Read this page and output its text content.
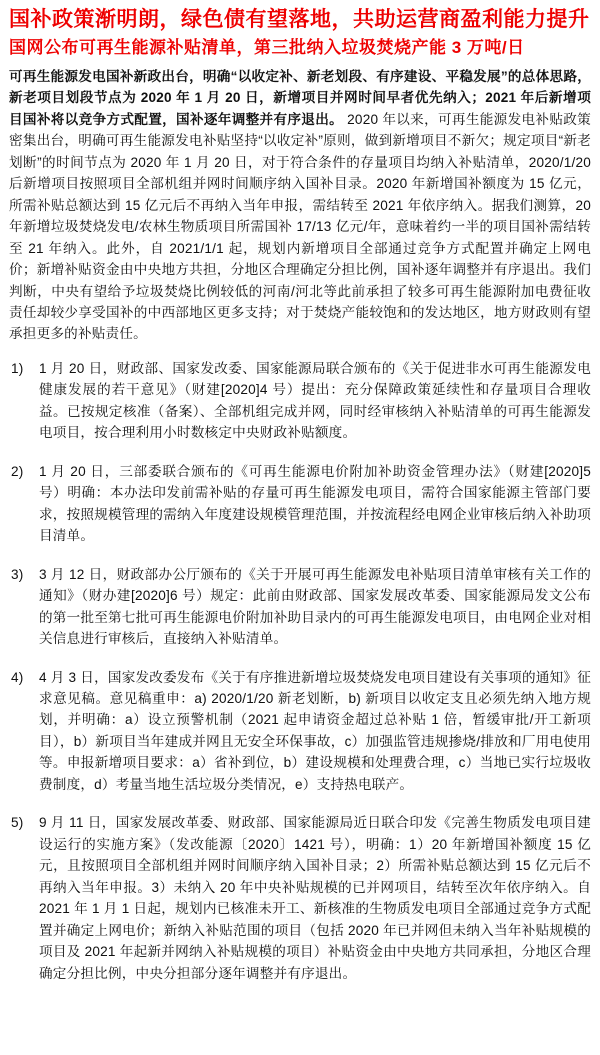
国补政策渐明朗，绿色债有望落地，共助运营商盈利能力提升
国网公布可再生能源补贴清单，第三批纳入垃圾焚烧产能 3 万吨/日

可再生能源发电国补新政出台，明确“以收定补、新老划段、有序建设、平稳发展”的总体思路，新老项目划段节点为 2020 年 1 月 20 日，新增项目并网时间早者优先纳入；2021 年后新增项目国补将以竞争方式配置，国补逐年调整并有序退出。 2020 年以来，可再生能源发电补贴政策密集出台，明确可再生能源发电补贴坚持“以收定补”原则，做到新增项目不新欠；规定项目“新老划断”的时间节点为 2020 年 1 月 20 日，对于符合条件的存量项目均纳入补贴清单，2020/1/20 后新增项目按照项目全部机组并网时间顺序纳入国补目录。2020 年新增国补额度为 15 亿元，所需补贴总额达到 15 亿元后不再纳入当年申报，需结转至 2021 年依序纳入。据我们测算，20 年新增垃圾焚烧发电/农林生物质项目所需国补 17/13 亿元/年，意味着约一半的项目国补需结转至 21 年纳入。此外，自 2021/1/1 起，规划内新增项目全部通过竞争方式配置并确定上网电价；新增补贴资金由中央地方共担，分地区合理确定分担比例，国补逐年调整并有序退出。我们判断，中央有望给予垃圾焚烧比例较低的河南/河北等此前承担了较多可再生能源附加电费征收责任却较少享受国补的中西部地区更多支持；对于焚烧产能较饱和的发达地区，地方财政则有望承担更多的补贴责任。

1) 1 月 20 日，财政部、国家发改委、国家能源局联合颁布的《关于促进非水可再生能源发电健康发展的若干意见》（财建[2020]4 号）提出：充分保障政策延续性和存量项目合理收益。已按规定核准（备案）、全部机组完成并网，同时经审核纳入补贴清单的可再生能源发电项目，按合理利用小时数核定中央财政补贴额度。
2) 1 月 20 日，三部委联合颁布的《可再生能源电价附加补助资金管理办法》（财建[2020]5 号）明确：本办法印发前需补贴的存量可再生能源发电项目，需符合国家能源主管部门要求，按照规模管理的需纳入年度建设规模管理范围，并按流程经电网企业审核后纳入补助项目清单。
3) 3 月 12 日，财政部办公厅颁布的《关于开展可再生能源发电补贴项目清单审核有关工作的通知》（财办建[2020]6 号）规定：此前由财政部、国家发展改革委、国家能源局发文公布的第一批至第七批可再生能源电价附加补助目录内的可再生能源发电项目，由电网企业对相关信息进行审核后，直接纳入补贴清单。
4) 4 月 3 日，国家发改委发布《关于有序推进新增垃圾焚烧发电项目建设有关事项的通知》征求意见稿。意见稿重申：a) 2020/1/20 新老划断，b) 新项目以收定支且必须先纳入地方规划，并明确：a）设立预警机制（2021 起申请资金超过总补贴 1 倍，暂缓审批/开工新项目），b）新项目当年建成并网且无安全环保事故，c）加强监管违规掺烧/排放和厂用电使用等。申报新增项目要求：a）省补到位，b）建设规模和处理费合理，c）当地已实行垃圾收费制度，d）考量当地生活垃圾分类情况，e）支持热电联产。
5) 9 月 11 日，国家发展改革委、财政部、国家能源局近日联合印发《完善生物质发电项目建设运行的实施方案》（发改能源〔2020〕1421 号），明确：1）20 年新增国补额度 15 亿元，且按照项目全部机组并网时间顺序纳入国补目录；2）所需补贴总额达到 15 亿元后不再纳入当年申报。3）未纳入 20 年中央补贴规模的已并网项目，结转至次年依序纳入。自 2021 年 1 月 1 日起，规划内已核准未开工、新核准的生物质发电项目全部通过竞争方式配置并确定上网电价；新纳入补贴范围的项目（包括 2020 年已并网但未纳入当年补贴规模的项目及 2021 年起新并网纳入补贴规模的项目）补贴资金由中央地方共同承担，分地区合理确定分担比例，中央分担部分逐年调整并有序退出。
